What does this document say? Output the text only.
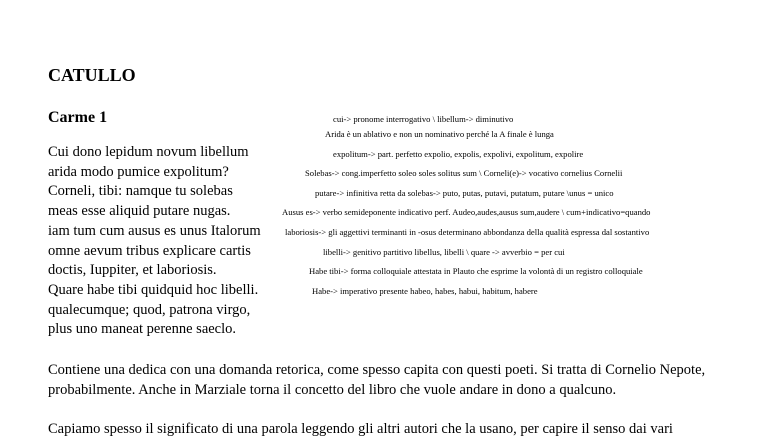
CATULLO
Carme 1
Cui dono lepidum novum libellum
arida modo pumice expolitum?
Corneli, tibi: namque tu solebas
meas esse aliquid putare nugas.
iam tum cum ausus es unus Italorum
omne aevum tribus explicare cartis
doctis, Iuppiter, et laboriosis.
Quare habe tibi quidquid hoc libelli.
qualecumque; quod, patrona virgo,
plus uno maneat perenne saeclo.
cui-> pronome interrogativo \ libellum-> diminutivo
Arida è un ablativo e non un nominativo perché la A finale è lunga
expolitum-> part. perfetto expolio, expolis, expolivi, expolitum, expolire
Solebas-> cong.imperfetto soleo soles solitus sum \ Corneli(e)-> vocativo cornelius Cornelii
putare-> infinitiva retta da solebas-> puto, putas, putavi, putatum, putare \unus = unico
Ausus es-> verbo semideponente indicativo perf. Audeo,audes,ausus sum,audere \ cum+indicativo=quando
laboriosis-> gli aggettivi terminanti in -osus determinano abbondanza della qualità espressa dal sostantivo
libelli-> genitivo partitivo libellus, libelli \ quare -> avverbio = per cui
Habe tibi-> forma colloquiale attestata in Plauto che esprime la volontà di un registro colloquiale
Habe-> imperativo presente habeo, habes, habui, habitum, habere

Contiene una dedica con una domanda retorica, come spesso capita con questi poeti. Si tratta di Cornelio Nepote, probabilmente. Anche in Marziale torna il concetto del libro che vuole andare in dono a qualcuno.

Capiamo spesso il significato di una parola leggendo gli altri autori che la usano, per capire il senso dai vari
